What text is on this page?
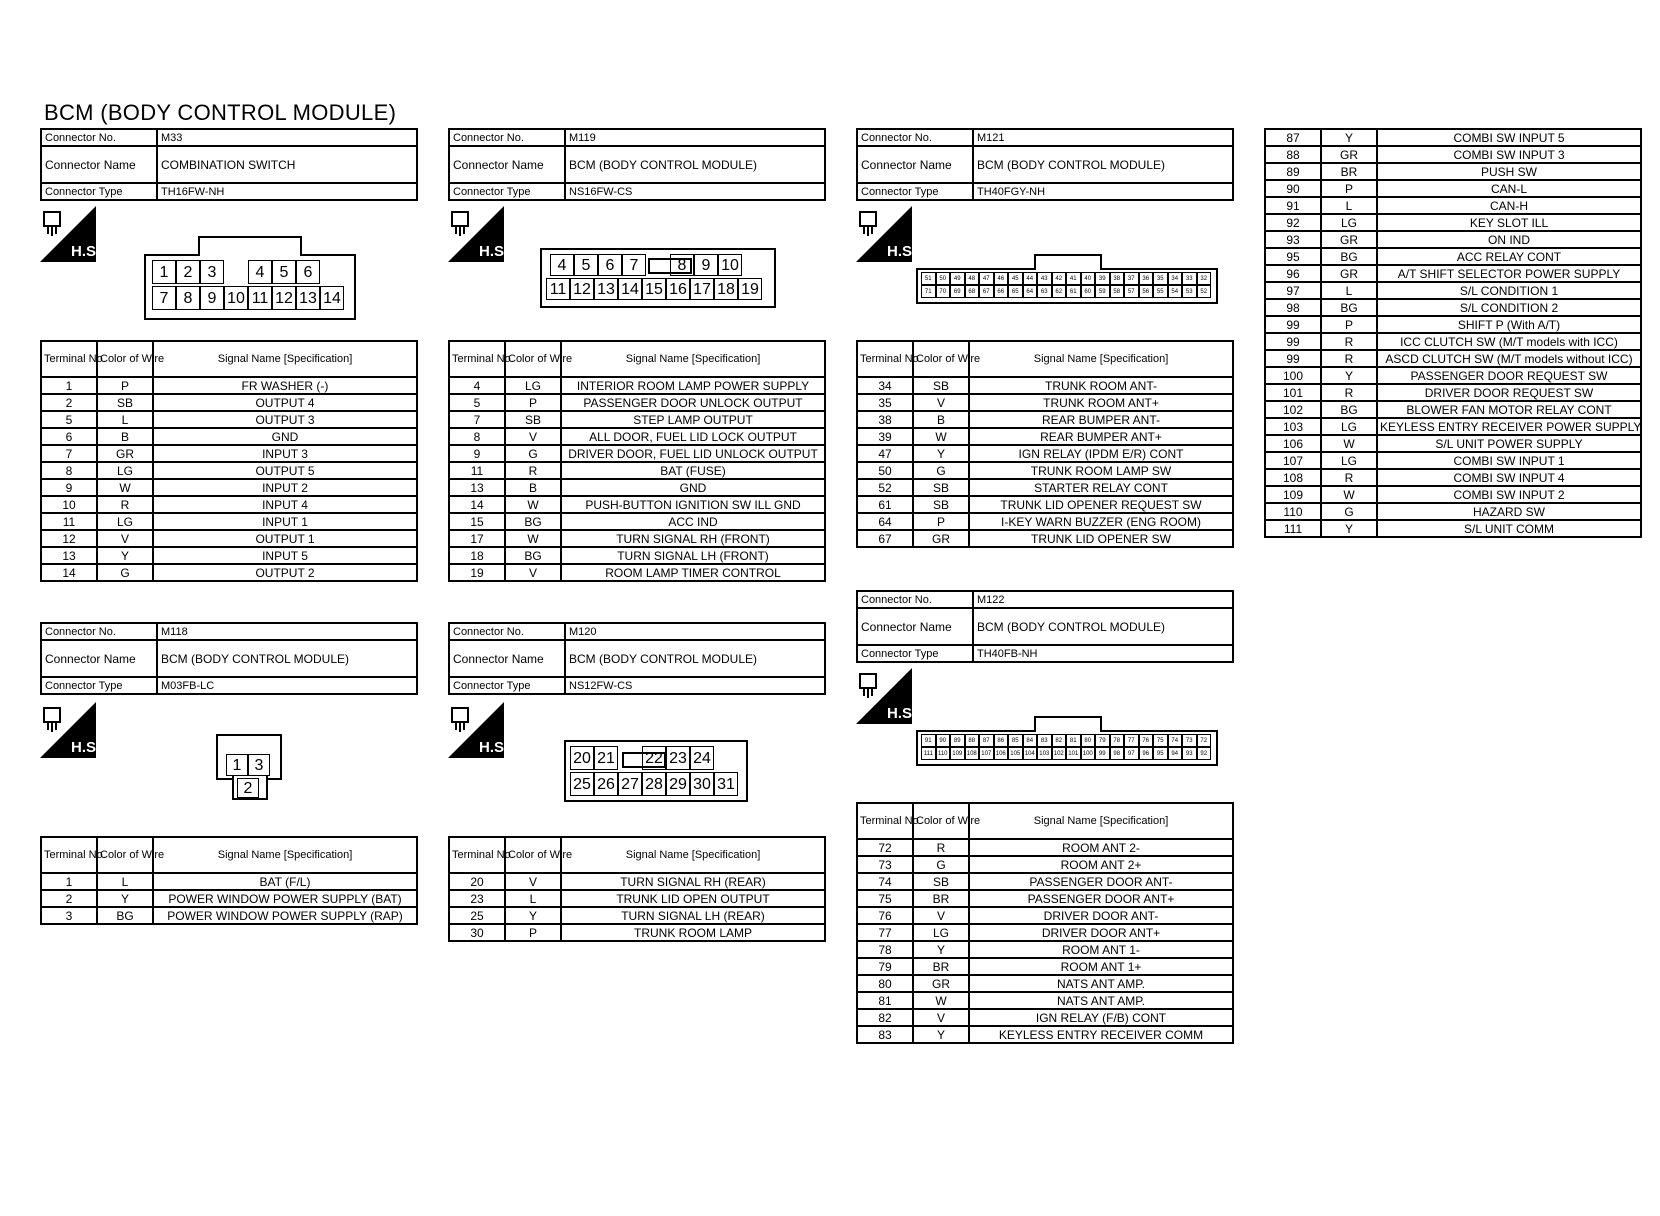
BCM (BODY CONTROL MODULE)
Connector No.	M33
Connector Name	COMBINATION SWITCH
Connector Type	TH16FW-NH
H.S.
1 2 3	4 5 6
7 8 9 10 11 12 13 14
Terminal No.	Color of Wire	Signal Name [Specification]
1	P	FR WASHER (-)
2	SB	OUTPUT 4
5	L	OUTPUT 3
6	B	GND
7	GR	INPUT 3
8	LG	OUTPUT 5
9	W	INPUT 2
10	R	INPUT 4
11	LG	INPUT 1
12	V	OUTPUT 1
13	Y	INPUT 5
14	G	OUTPUT 2
Connector No.	M119
Connector Name	BCM (BODY CONTROL MODULE)
Connector Type	NS16FW-CS
H.S.
4 5 6 7	8 9 10
11 12 13 14 15 16 17 18 19
Terminal No.	Color of Wire	Signal Name [Specification]
4	LG	INTERIOR ROOM LAMP POWER SUPPLY
5	P	PASSENGER DOOR UNLOCK OUTPUT
7	SB	STEP LAMP OUTPUT
8	V	ALL DOOR, FUEL LID LOCK OUTPUT
9	G	DRIVER DOOR, FUEL LID UNLOCK OUTPUT
11	R	BAT (FUSE)
13	B	GND
14	W	PUSH-BUTTON IGNITION SW ILL GND
15	BG	ACC IND
17	W	TURN SIGNAL RH (FRONT)
18	BG	TURN SIGNAL LH (FRONT)
19	V	ROOM LAMP TIMER CONTROL
Connector No.	M121
Connector Name	BCM (BODY CONTROL MODULE)
Connector Type	TH40FGY-NH
H.S.
51	50	49	48	47	46	45	44	43	42	41	40	39	38	37	36	35	34	33	32
71	70	69	68	67	66	65	64	63	62	61	60	59	58	57	56	55	54	53	52
Terminal No.	Color of Wire	Signal Name [Specification]
34	SB	TRUNK ROOM ANT-
35	V	TRUNK ROOM ANT+
38	B	REAR BUMPER ANT-
39	W	REAR BUMPER ANT+
47	Y	IGN RELAY (IPDM E/R) CONT
50	G	TRUNK ROOM LAMP SW
52	SB	STARTER RELAY CONT
61	SB	TRUNK LID OPENER REQUEST SW
64	P	I-KEY WARN BUZZER (ENG ROOM)
67	GR	TRUNK LID OPENER SW
87	Y	COMBI SW INPUT 5
88	GR	COMBI SW INPUT 3
89	BR	PUSH SW
90	P	CAN-L
91	L	CAN-H
92	LG	KEY SLOT ILL
93	GR	ON IND
95	BG	ACC RELAY CONT
96	GR	A/T SHIFT SELECTOR POWER SUPPLY
97	L	S/L CONDITION 1
98	BG	S/L CONDITION 2
99	P	SHIFT P (With A/T)
99	R	ICC CLUTCH SW (M/T models with ICC)
99	R	ASCD CLUTCH SW (M/T models without ICC)
100	Y	PASSENGER DOOR REQUEST SW
101	R	DRIVER DOOR REQUEST SW
102	BG	BLOWER FAN MOTOR RELAY CONT
103	LG	KEYLESS ENTRY RECEIVER POWER SUPPLY
106	W	S/L UNIT POWER SUPPLY
107	LG	COMBI SW INPUT 1
108	R	COMBI SW INPUT 4
109	W	COMBI SW INPUT 2
110	G	HAZARD SW
111	Y	S/L UNIT COMM
Connector No.	M118
Connector Name	BCM (BODY CONTROL MODULE)
Connector Type	M03FB-LC
H.S.
1 3
2
Terminal No.	Color of Wire	Signal Name [Specification]
1	L	BAT (F/L)
2	Y	POWER WINDOW POWER SUPPLY (BAT)
3	BG	POWER WINDOW POWER SUPPLY (RAP)
Connector No.	M120
Connector Name	BCM (BODY CONTROL MODULE)
Connector Type	NS12FW-CS
H.S.
20 21 22 23 24
25 26 27 28 29 30 31
Terminal No.	Color of Wire	Signal Name [Specification]
20	V	TURN SIGNAL RH (REAR)
23	L	TRUNK LID OPEN OUTPUT
25	Y	TURN SIGNAL LH (REAR)
30	P	TRUNK ROOM LAMP
Connector No.	M122
Connector Name	BCM (BODY CONTROL MODULE)
Connector Type	TH40FB-NH
H.S.
91	90	89	88	87	86	85	84	83	82	81	80	79	78	77	76	75	74	73	72
111 110 109 108 107 106 105 104 103 102 101 100	99	98	97	96	95	94	93	92
Terminal No.	Color of Wire	Signal Name [Specification]
72	R	ROOM ANT 2-
73	G	ROOM ANT 2+
74	SB	PASSENGER DOOR ANT-
75	BR	PASSENGER DOOR ANT+
76	V	DRIVER DOOR ANT-
77	LG	DRIVER DOOR ANT+
78	Y	ROOM ANT 1-
79	BR	ROOM ANT 1+
80	GR	NATS ANT AMP.
81	W	NATS ANT AMP.
82	V	IGN RELAY (F/B) CONT
83	Y	KEYLESS ENTRY RECEIVER COMM
